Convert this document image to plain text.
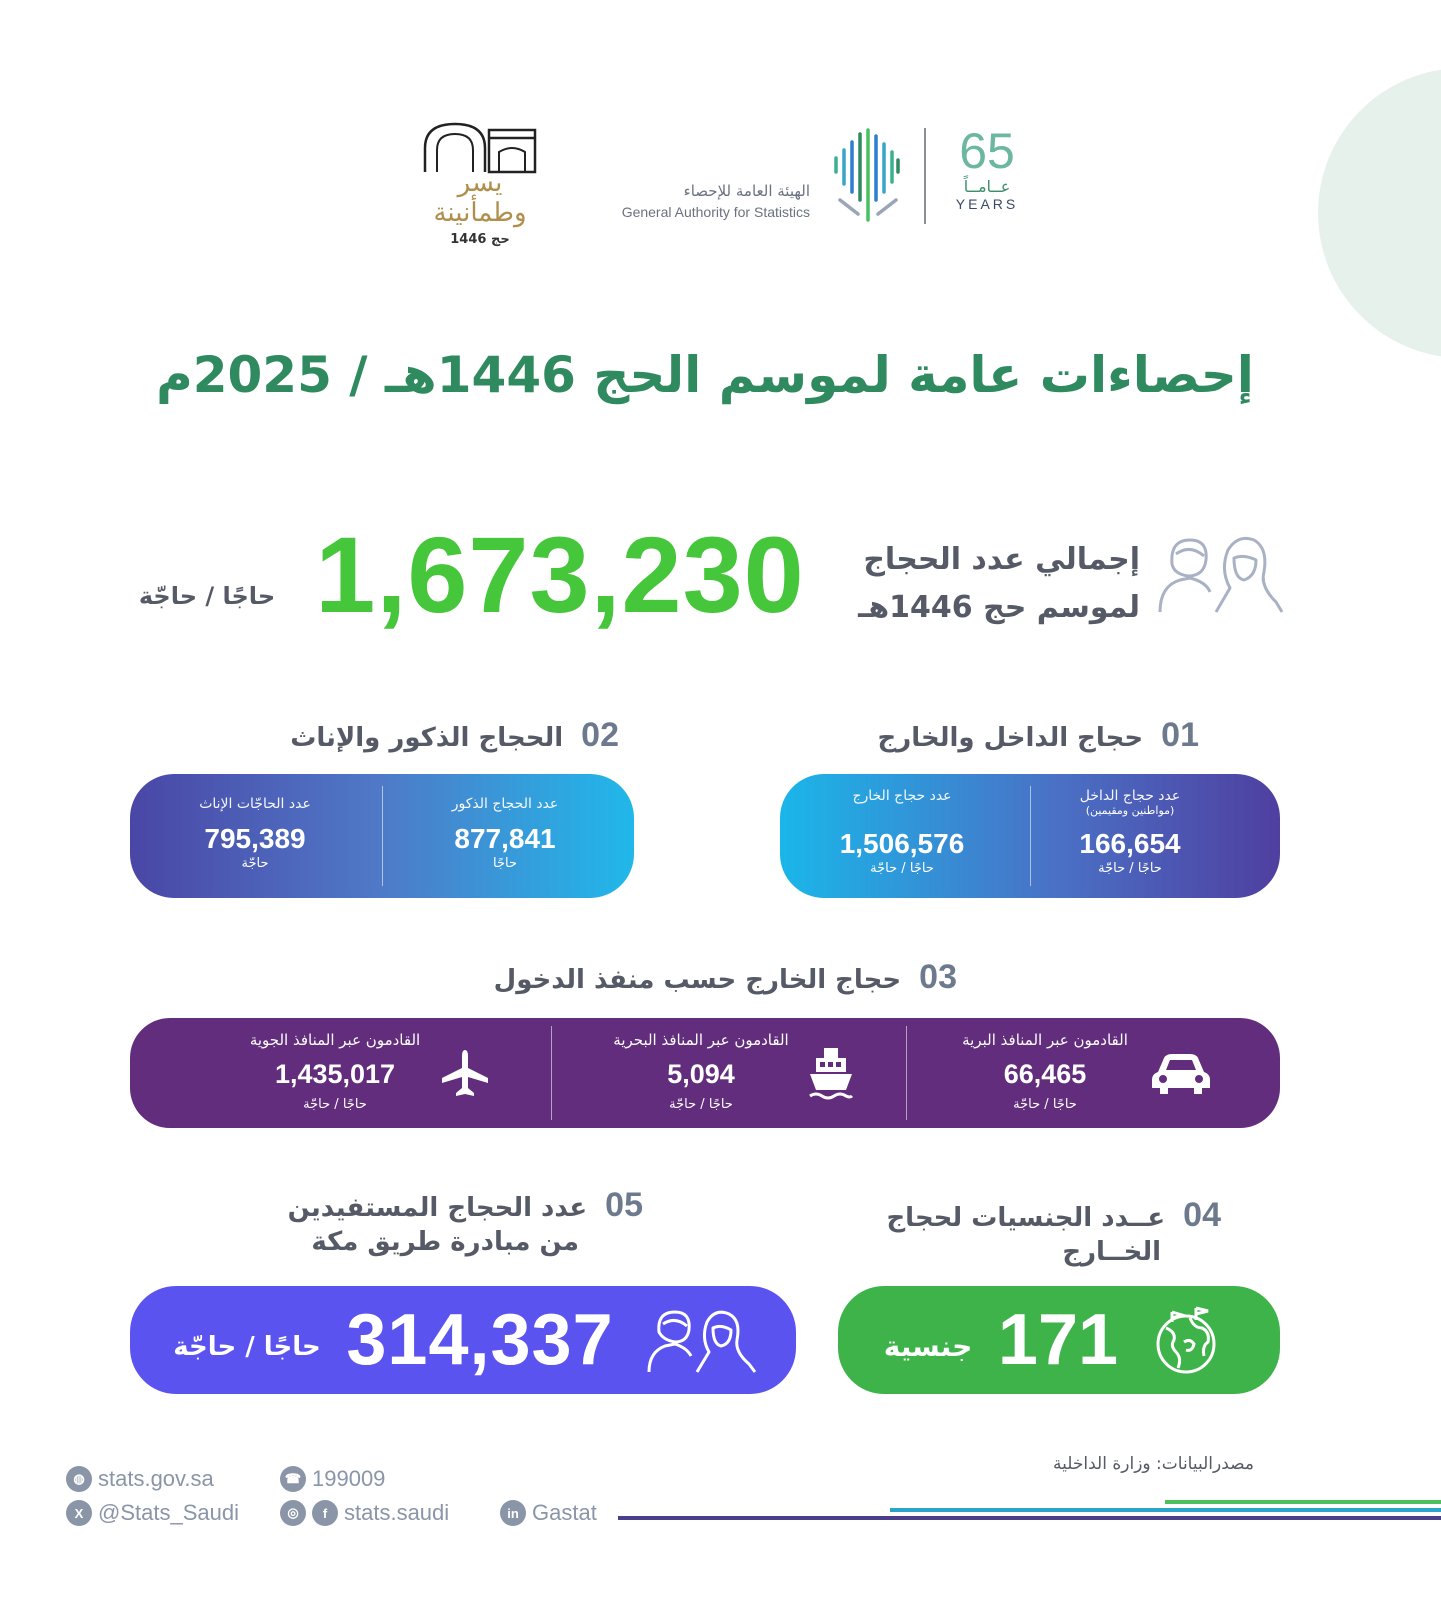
يسر وطمأنينة
حج 1446
الهيئة العامة للإحصاء
General Authority for Statistics
65
عــامــاً
YEARS
إحصاءات عامة لموسم الحج 1446هـ / 2025م
إجمالي عدد الحجاج
لموسم حج 1446هـ
1,673,230
حاجًا / حاجّة
01حجاج الداخل والخارج
02الحجاج الذكور والإناث
عدد حجاج الداخل
(مواطنين ومقيمين)
166,654
حاجًا / حاجّة
عدد حجاج الخارج
1,506,576
حاجًا / حاجّة
عدد الحجاج الذكور
877,841
حاجًا
عدد الحاجّات الإناث
795,389
حاجّة
03حجاج الخارج حسب منفذ الدخول
القادمون عبر المنافذ البرية
66,465
حاجًا / حاجّة
القادمون عبر المنافذ البحرية
5,094
حاجًا / حاجّة
القادمون عبر المنافذ الجوية
1,435,017
حاجًا / حاجّة
04عــدد الجنسيات لحجاج
الخــارج
05عدد الحجاج المستفيدين
من مبادرة طريق مكة
171
جنسية
314,337
حاجًا / حاجّة
مصدرالبيانات: وزارة الداخلية
◍ stats.gov.sa	☎ 199009
X @Stats_Saudi	◎	f stats.saudi	in Gastat
